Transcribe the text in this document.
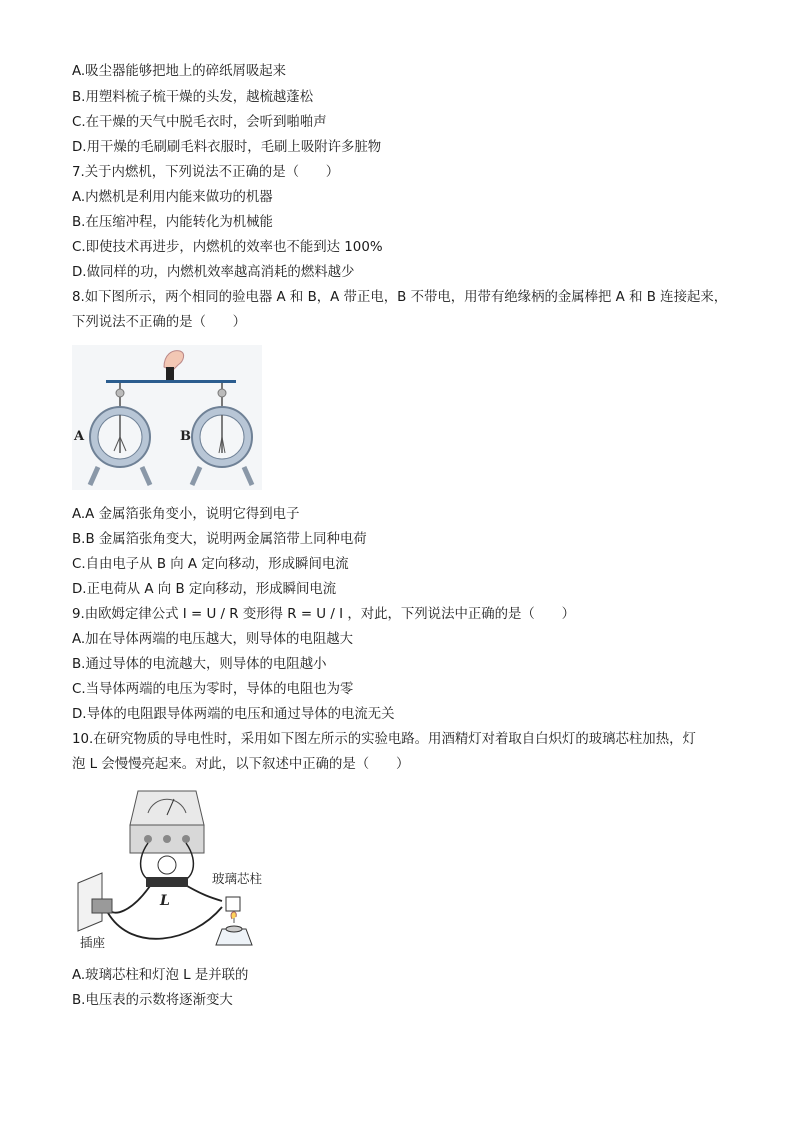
A.吸尘器能够把地上的碎纸屑吸起来
B.用塑料梳子梳干燥的头发，越梳越蓬松
C.在干燥的天气中脱毛衣时，会听到啪啪声
D.用干燥的毛刷刷毛料衣服时，毛刷上吸附许多脏物
7.关于内燃机，下列说法不正确的是（　　）
A.内燃机是利用内能来做功的机器
B.在压缩冲程，内能转化为机械能
C.即使技术再进步，内燃机的效率也不能到达 100%
D.做同样的功，内燃机效率越高消耗的燃料越少
8.如下图所示，两个相同的验电器 A 和 B，A 带正电，B 不带电，用带有绝缘柄的金属棒把 A 和 B 连接起来，
下列说法不正确的是（　　）
A	B
A.A 金属箔张角变小，说明它得到电子
B.B 金属箔张角变大，说明两金属箔带上同种电荷
C.自由电子从 B 向 A 定向移动，形成瞬间电流
D.正电荷从 A 向 B 定向移动，形成瞬间电流
9.由欧姆定律公式 I = U / R 变形得 R = U / I ，对此，下列说法中正确的是（　　）
A.加在导体两端的电压越大，则导体的电阻越大
B.通过导体的电流越大，则导体的电阻越小
C.当导体两端的电压为零时，导体的电阻也为零
D.导体的电阻跟导体两端的电压和通过导体的电流无关
10.在研究物质的导电性时，采用如下图左所示的实验电路。用酒精灯对着取自白炽灯的玻璃芯柱加热，灯
泡 L 会慢慢亮起来。对此，以下叙述中正确的是（　　）
L
插座
玻璃芯柱
A.玻璃芯柱和灯泡 L 是并联的
B.电压表的示数将逐渐变大
